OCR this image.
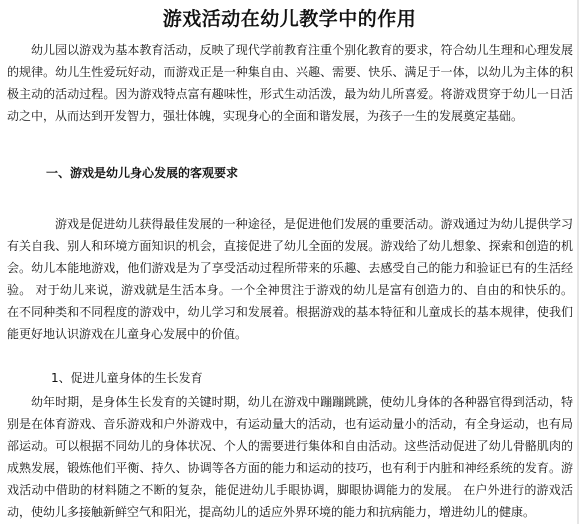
游戏活动在幼儿教学中的作用

幼儿园以游戏为基本教育活动，反映了现代学前教育注重个别化教育的要求，符合幼儿生理和心理发展的规律。幼儿生性爱玩好动，而游戏正是一种集自由、兴趣、需要、快乐、满足于一体，以幼儿为主体的积极主动的活动过程。因为游戏特点富有趣味性，形式生动活泼，最为幼儿所喜爱。将游戏贯穿于幼儿一日活动之中，从而达到开发智力，强壮体魄，实现身心的全面和谐发展，为孩子一生的发展奠定基础。

一、游戏是幼儿身心发展的客观要求

游戏是促进幼儿获得最佳发展的一种途径，是促进他们发展的重要活动。游戏通过为幼儿提供学习有关自我、别人和环境方面知识的机会，直接促进了幼儿全面的发展。游戏给了幼儿想象、探索和创造的机会。幼儿本能地游戏，他们游戏是为了享受活动过程所带来的乐趣、去感受自己的能力和验证已有的生活经验。 对于幼儿来说，游戏就是生活本身。一个全神贯注于游戏的幼儿是富有创造力的、自由的和快乐的。在不同种类和不同程度的游戏中，幼儿学习和发展着。根据游戏的基本特征和儿童成长的基本规律，使我们能更好地认识游戏在儿童身心发展中的价值。

1、促进儿童身体的生长发育

幼年时期，是身体生长发育的关键时期，幼儿在游戏中蹦蹦跳跳，使幼儿身体的各种器官得到活动，特别是在体育游戏、音乐游戏和户外游戏中，有运动量大的活动，也有运动量小的活动，有全身运动，也有局部运动。可以根据不同幼儿的身体状况、个人的需要进行集体和自由活动。这些活动促进了幼儿骨骼肌肉的成熟发展，锻炼他们平衡、持久、协调等各方面的能力和运动的技巧，也有利于内脏和神经系统的发育。游戏活动中借助的材料随之不断的复杂，能促进幼儿手眼协调，脚眼协调能力的发展。 在户外进行的游戏活动，使幼儿多接触新鲜空气和阳光，提高幼儿的适应外界环境的能力和抗病能力，增进幼儿的健康。
